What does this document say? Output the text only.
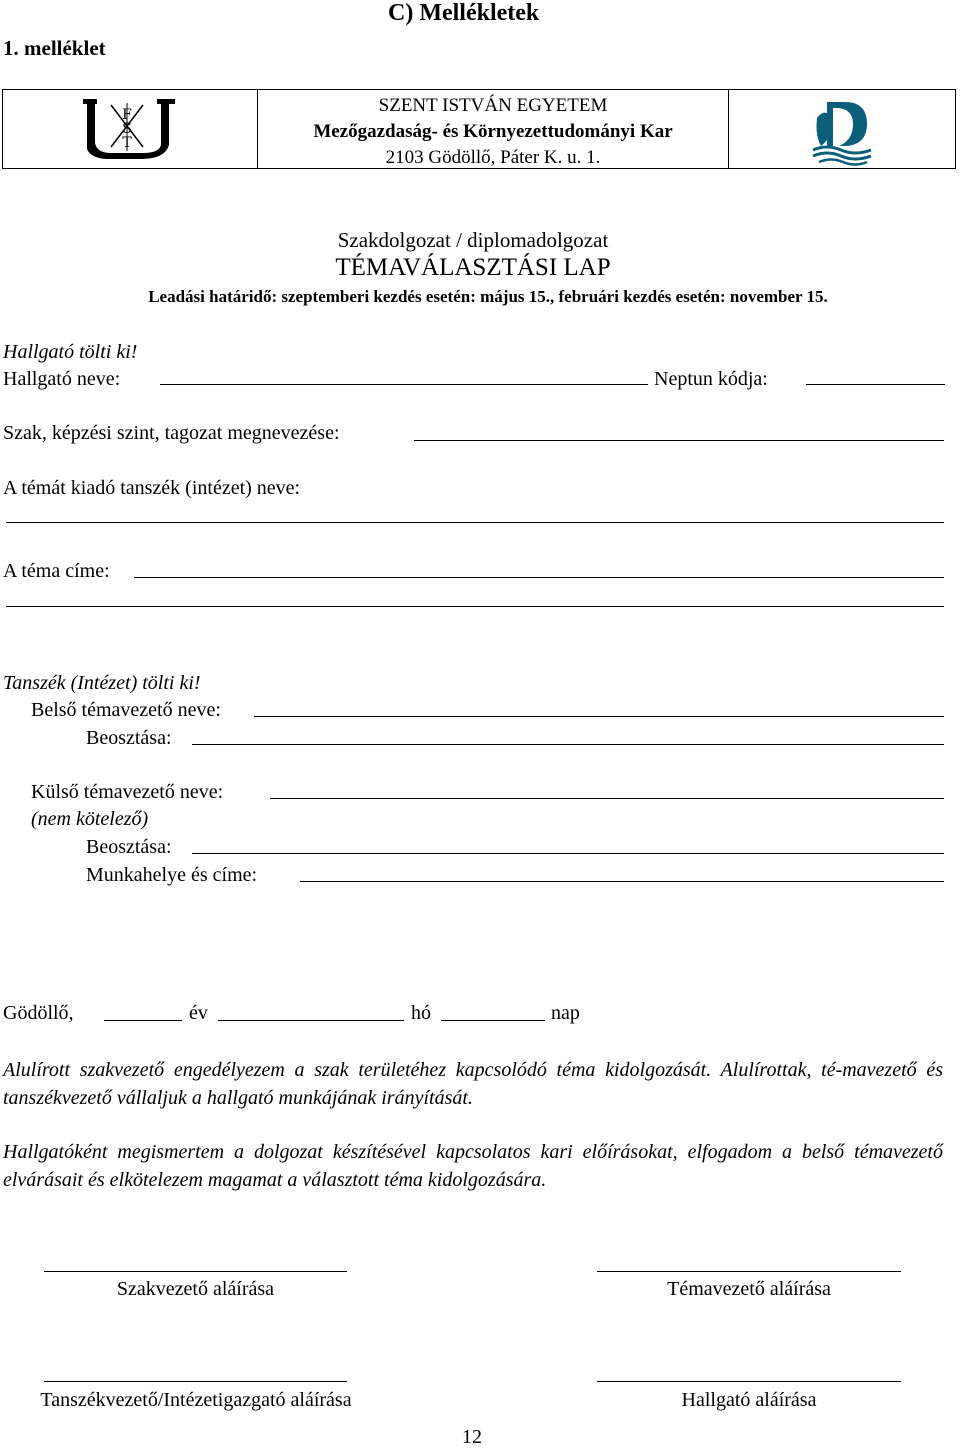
1. melléklet
C) Mellékletek
F
S
T
SZENT ISTVÁN EGYETEM
Mezőgazdaság- és Környezettudományi Kar
2103 Gödöllő, Páter K. u. 1.
Szakdolgozat / diplomadolgozat
TÉMAVÁLASZTÁSI LAP
Leadási határidő: szeptemberi kezdés esetén: május 15., februári kezdés esetén: november 15.
Hallgató tölti ki!
Hallgató neve:	Neptun kódja:
Szak, képzési szint, tagozat megnevezése:
A témát kiadó tanszék (intézet) neve:
A téma címe:
Tanszék (Intézet) tölti ki!
Belső témavezető neve:
Beosztása:
Külső témavezető neve:
(nem kötelező)
Beosztása:
Munkahelye és címe:
Gödöllő,	év	hó	nap
Alulírott szakvezető engedélyezem a szak területéhez kapcsolódó téma kidolgozását. Alulírottak, té-mavezető és tanszékvezető vállaljuk a hallgató munkájának irányítását.
Hallgatóként megismertem a dolgozat készítésével kapcsolatos kari előírásokat, elfogadom a belső témavezető elvárásait és elkötelezem magamat a választott téma kidolgozására.
Szakvezető aláírása	Témavezető aláírása
Tanszékvezető/Intézetigazgató aláírása	Hallgató aláírása
12
